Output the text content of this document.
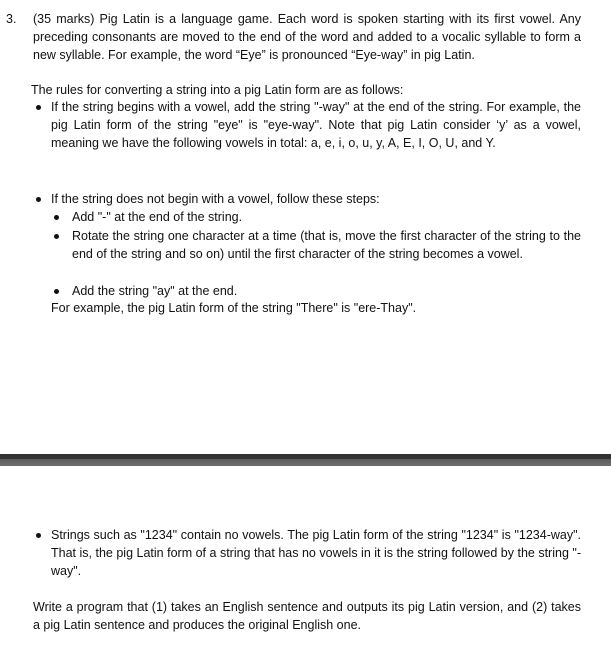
3. (35 marks) Pig Latin is a language game. Each word is spoken starting with its first vowel. Any preceding consonants are moved to the end of the word and added to a vocalic syllable to form a new syllable. For example, the word “Eye” is pronounced “Eye-way” in pig Latin.
The rules for converting a string into a pig Latin form are as follows:
If the string begins with a vowel, add the string "-way" at the end of the string. For example, the pig Latin form of the string "eye" is "eye-way". Note that pig Latin consider ‘y’ as a vowel, meaning we have the following vowels in total: a, e, i, o, u, y, A, E, I, O, U, and Y.
If the string does not begin with a vowel, follow these steps:
Add "-" at the end of the string.
Rotate the string one character at a time (that is, move the first character of the string to the end of the string and so on) until the first character of the string becomes a vowel.
Add the string "ay" at the end.
For example, the pig Latin form of the string "There" is "ere-Thay".
Strings such as "1234" contain no vowels. The pig Latin form of the string "1234" is "1234-way". That is, the pig Latin form of a string that has no vowels in it is the string followed by the string "-way".
Write a program that (1) takes an English sentence and outputs its pig Latin version, and (2) takes a pig Latin sentence and produces the original English one.
